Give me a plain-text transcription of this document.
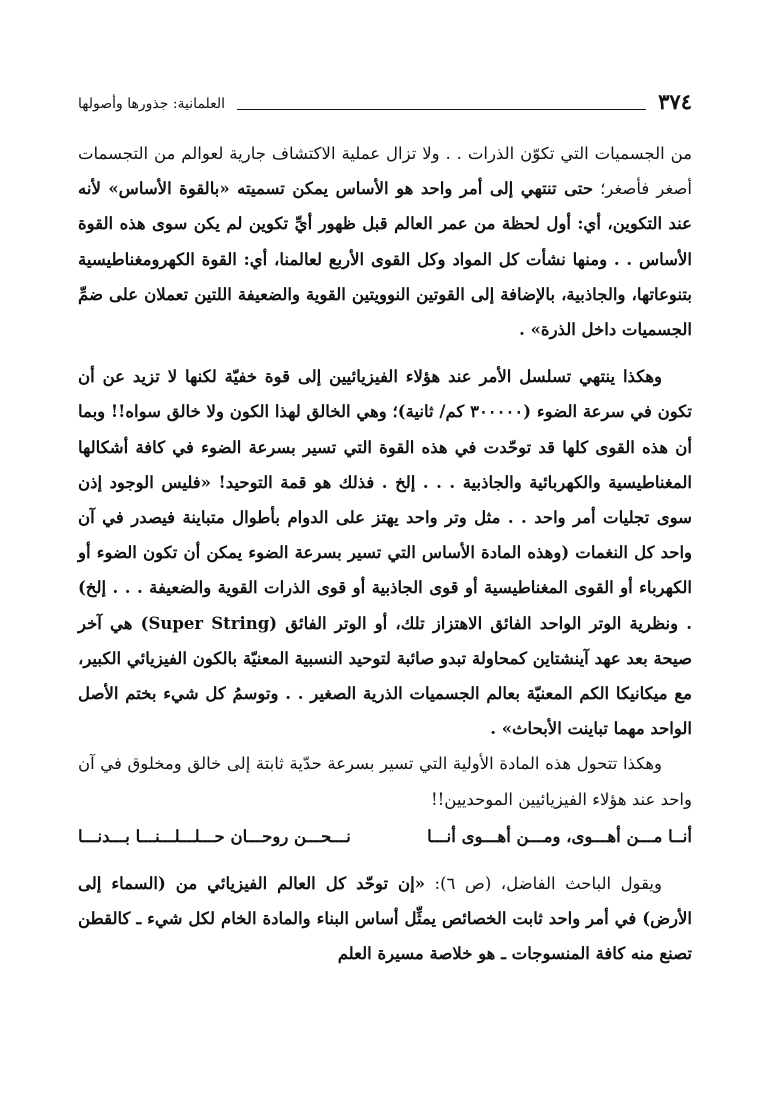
٣٧٤
العلمانية: جذورها وأصولها

من الجسميات التي تكوّن الذرات . . ولا تزال عملية الاكتشاف جارية لعوالم من التجسمات أصغر فأصغر؛ حتى تنتهي إلى أمر واحد هو الأساس يمكن تسميته «بالقوة الأساس» لأنه عند التكوين، أي: أول لحظة من عمر العالم قبل ظهور أيِّ تكوين لم يكن سوى هذه القوة الأساس . . ومنها نشأت كل المواد وكل القوى الأربع لعالمنا، أي: القوة الكهرومغناطيسية بتنوعاتها، والجاذبية، بالإضافة إلى القوتين النوويتين القوية والضعيفة اللتين تعملان على ضمِّ الجسميات داخل الذرة» .

وهكذا ينتهي تسلسل الأمر عند هؤلاء الفيزيائيين إلى قوة خفيّة لكنها لا تزيد عن أن تكون في سرعة الضوء (٣٠٠٠٠٠ كم/ ثانية)؛ وهي الخالق لهذا الكون ولا خالق سواه!! وبما أن هذه القوى كلها قد توحّدت في هذه القوة التي تسير بسرعة الضوء في كافة أشكالها المغناطيسية والكهربائية والجاذبية . . . إلخ . فذلك هو قمة التوحيد! «فليس الوجود إذن سوى تجليات أمر واحد . . مثل وتر واحد يهتز على الدوام بأطوال متباينة فيصدر في آن واحد كل النغمات (وهذه المادة الأساس التي تسير بسرعة الضوء يمكن أن تكون الضوء أو الكهرباء أو القوى المغناطيسية أو قوى الجاذبية أو قوى الذرات القوية والضعيفة . . . إلخ) . ونظرية الوتر الواحد الفائق الاهتزاز تلك، أو الوتر الفائق (Super String) هي آخر صيحة بعد عهد آينشتاين كمحاولة تبدو صائبة لتوحيد النسبية المعنيّة بالكون الفيزيائي الكبير، مع ميكانيكا الكم المعنيّة بعالم الجسميات الذرية الصغير . . وتوسمُ كل شيء بختم الأصل الواحد مهما تباينت الأبحاث» .

وهكذا تتحول هذه المادة الأولية التي تسير بسرعة حدّية ثابتة إلى خالق ومخلوق في آن واحد عند هؤلاء الفيزيائيين الموحديين!!

أنــا مـــن أهـــوى، ومـــن أهـــوى أنـــا
نـــحـــن روحـــان حـــلـــلـــنـــا بـــدنـــا

ويقول الباحث الفاضل، (ص ٦): «إن توحّد كل العالم الفيزيائي من (السماء إلى الأرض) في أمر واحد ثابت الخصائص يمثِّل أساس البناء والمادة الخام لكل شيء ـ كالقطن تصنع منه كافة المنسوجات ـ هو خلاصة مسيرة العلم
